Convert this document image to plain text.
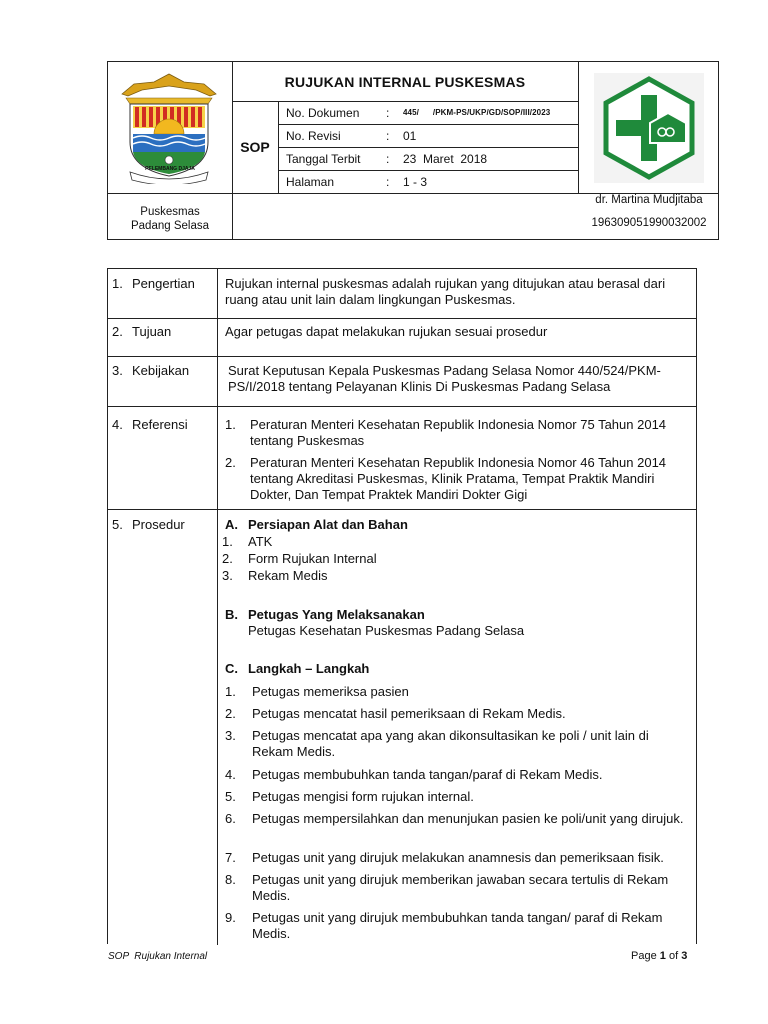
PELEMBANG DJAJA
RUJUKAN INTERNAL PUSKESMAS
SOP
No. Dokumen : 445/      /PKM-PS/UKP/GD/SOP/III/2023
No. Revisi	: 01
Tanggal Terbit : 23  Maret  2018
Halaman	: 1 - 3
Puskesmas
Padang Selasa
dr. Martina Mudjitaba
196309051990032002
1. Pengertian Rujukan internal puskesmas adalah rujukan yang ditujukan atau berasal dari ruang atau unit lain dalam lingkungan Puskesmas.
2. Tujuan	Agar petugas dapat melakukan rujukan sesuai prosedur
3. Kebijakan	Surat Keputusan Kepala Puskesmas Padang Selasa Nomor 440/524/PKM-PS/I/2018 tentang Pelayanan Klinis Di Puskesmas Padang Selasa
4. Referensi	1. Peraturan Menteri Kesehatan Republik Indonesia Nomor 75 Tahun 2014 tentang Puskesmas
2. Peraturan Menteri Kesehatan Republik Indonesia Nomor 46 Tahun 2014 tentang Akreditasi Puskesmas, Klinik Pratama, Tempat Praktik Mandiri Dokter, Dan Tempat Praktek Mandiri Dokter Gigi
5. Prosedur	A. Persiapan Alat dan Bahan
1. ATK
2. Form Rujukan Internal
3. Rekam Medis
B. Petugas Yang Melaksanakan
Petugas Kesehatan Puskesmas Padang Selasa
C. Langkah – Langkah
1. Petugas memeriksa pasien
2. Petugas mencatat hasil pemeriksaan di Rekam Medis.
3. Petugas mencatat apa yang akan dikonsultasikan ke poli / unit lain di Rekam Medis.
4. Petugas membubuhkan tanda tangan/paraf di Rekam Medis.
5. Petugas mengisi form rujukan internal.
6. Petugas mempersilahkan dan menunjukan pasien ke poli/unit yang dirujuk.
7. Petugas unit yang dirujuk melakukan anamnesis dan pemeriksaan fisik.
8. Petugas unit yang dirujuk memberikan jawaban secara tertulis di Rekam Medis.
9. Petugas unit yang dirujuk membubuhkan tanda tangan/ paraf di Rekam Medis.
SOP  Rujukan Internal	Page 1 of 3
